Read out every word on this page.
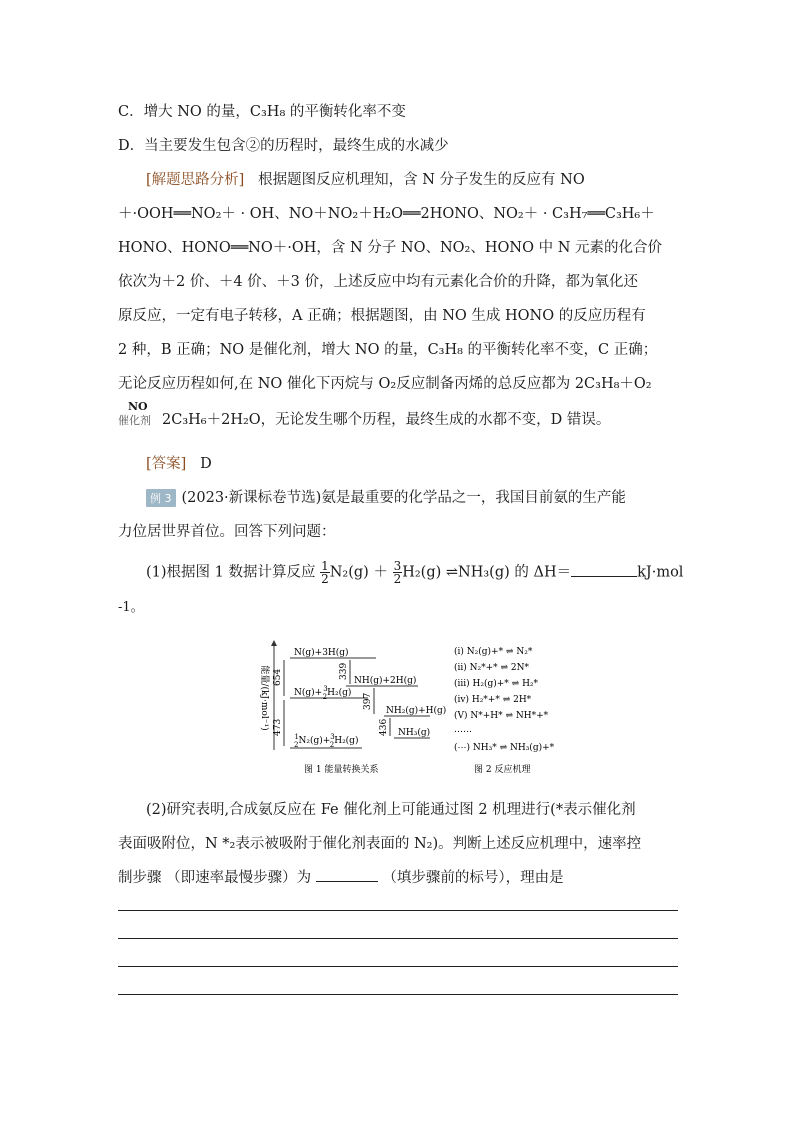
C．增大 NO 的量，C₃H₈ 的平衡转化率不变
D．当主要发生包含②的历程时，最终生成的水减少
[解题思路分析] 根据题图反应机理知，含 N 分子发生的反应有 NO
＋·OOH══NO₂＋ · OH、NO＋NO₂＋H₂O══2HONO、NO₂＋ · C₃H₇══C₃H₆＋
HONO、HONO══NO＋·OH，含 N 分子 NO、NO₂、HONO 中 N 元素的化合价
依次为＋2 价、＋4 价、＋3 价，上述反应中均有元素化合价的升降，都为氧化还
原反应，一定有电子转移，A 正确；根据题图，由 NO 生成 HONO 的反应历程有
2 种，B 正确；NO 是催化剂，增大 NO 的量，C₃H₈ 的平衡转化率不变，C 正确；
无论反应历程如何,在 NO 催化下丙烷与 O₂反应制备丙烯的总反应都为 2C₃H₈＋O₂
NO
催化剂 2C₃H₆＋2H₂O，无论发生哪个历程，最终生成的水都不变，D 错误。
[答案] D
例 3 (2023·新课标卷节选)氨是最重要的化学品之一，我国目前氨的生产能
力位居世界首位。回答下列问题：
(1)根据图 1 数据计算反应 $\frac{1}{2} N_2(g) + \frac{3}{2} H_2(g)$ ⇌NH₃(g) 的 ΔH＝	kJ·mol
-1。
能量/(kJ·mol⁻¹)
N(g)+3H(g)
NH(g)+2H(g)
N(g)+$^3$ 2H₂(g)
NH₂(g)+H(g)
$^1$ 2N₂(g)+$^3$ 2H₂(g)
NH₃(g)
654	339
397
473	436
图 1 能量转换关系
(ⅰ) N₂(g)+* ⇌ N₂*
(ⅱ) N₂*+* ⇌ 2N*
(ⅲ) H₂(g)+* ⇌ H₂*
(ⅳ) H₂*+* ⇌ 2H*
(Ⅴ) N*+H* ⇌ NH*+*
……
(⋯) NH₃* ⇌ NH₃(g)+*
图 2 反应机理
(2)研究表明,合成氨反应在 Fe 催化剂上可能通过图 2 机理进行(*表示催化剂
表面吸附位，N *₂表示被吸附于催化剂表面的 N₂)。判断上述反应机理中，速率控
制步骤 （即速率最慢步骤）为	（填步骤前的标号），理由是
